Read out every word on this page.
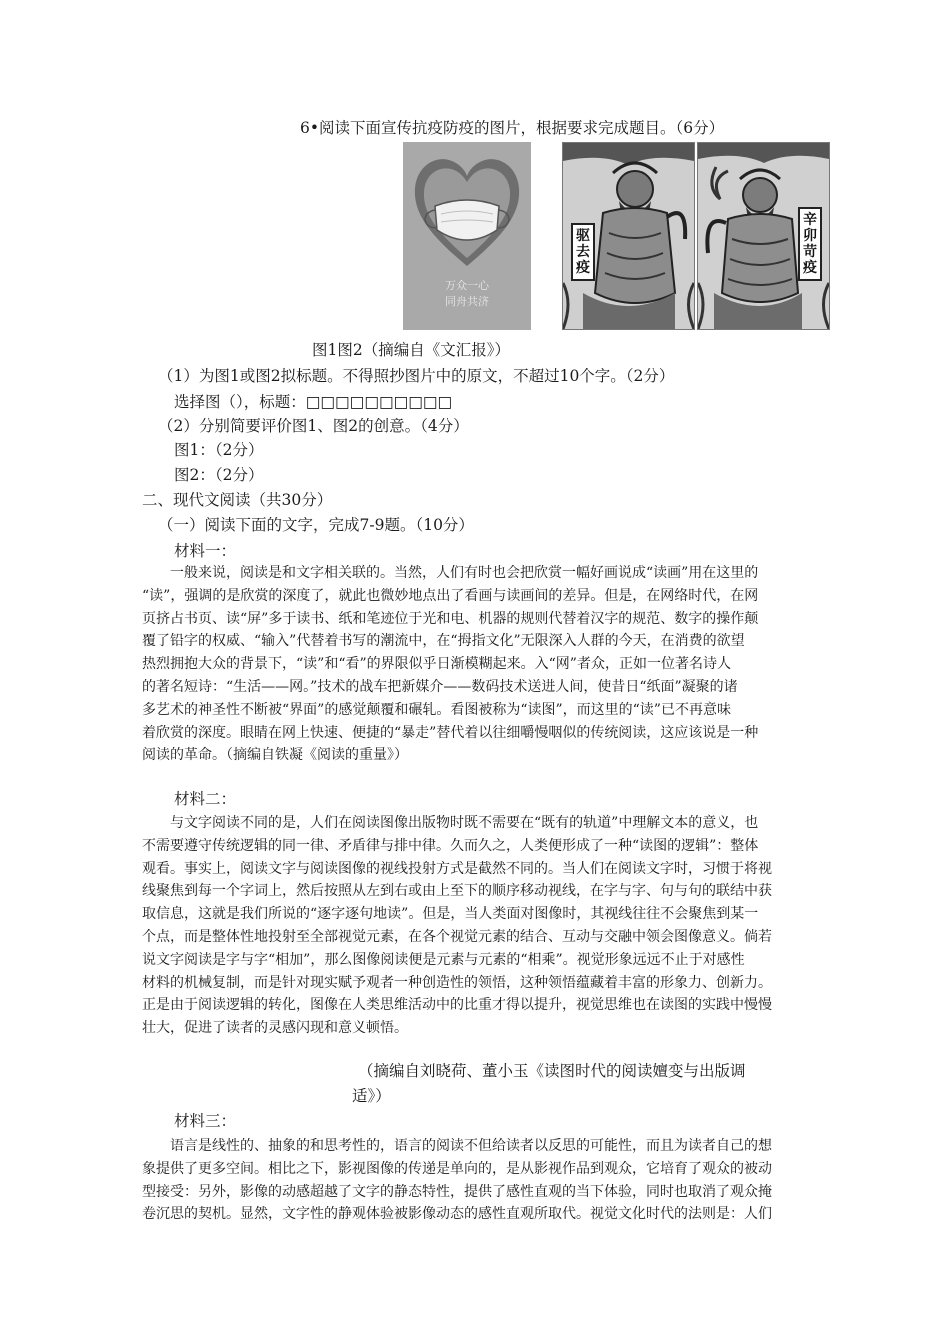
6•阅读下面宣传抗疫防疫的图片，根据要求完成题目。（6分）
万众一心
同舟共济
驱去疫
辛卯苛疫
图1图2（摘编自《文汇报》）
（1）为图1或图2拟标题。不得照抄图片中的原文，不超过10个字。（2分）
选择图（），标题：□□□□□□□□□□
（2）分别简要评价图1、图2的创意。（4分）
图1：（2分）
图2：（2分）
二、现代文阅读（共30分）
（一）阅读下面的文字，完成7-9题。（10分）
材料一：
一般来说，阅读是和文字相关联的。当然，人们有时也会把欣赏一幅好画说成“读画”用在这里的
“读”，强调的是欣赏的深度了，就此也微妙地点出了看画与读画间的差异。但是，在网络时代，在网
页挤占书页、读“屏”多于读书、纸和笔迹位于光和电、机器的规则代替着汉字的规范、数字的操作颠
覆了铅字的权威、“输入”代替着书写的潮流中，在“拇指文化”无限深入人群的今天，在消费的欲望
热烈拥抱大众的背景下，“读”和“看”的界限似乎日渐模糊起来。入“网”者众，正如一位著名诗人
的著名短诗：“生活——网。”技术的战车把新媒介——数码技术送进人间，使昔日“纸面”凝聚的诸
多艺术的神圣性不断被“界面”的感觉颠覆和碾轧。看图被称为“读图”，而这里的“读”已不再意味
着欣赏的深度。眼睛在网上快速、便捷的“暴走”替代着以往细嚼慢咽似的传统阅读，这应该说是一种
阅读的革命。（摘编自铁凝《阅读的重量》）
材料二：
与文字阅读不同的是，人们在阅读图像出版物时既不需要在“既有的轨道”中理解文本的意义，也
不需要遵守传统逻辑的同一律、矛盾律与排中律。久而久之，人类便形成了一种“读图的逻辑”：整体
观看。事实上，阅读文字与阅读图像的视线投射方式是截然不同的。当人们在阅读文字时，习惯于将视
线聚焦到每一个字词上，然后按照从左到右或由上至下的顺序移动视线，在字与字、句与句的联结中获
取信息，这就是我们所说的“逐字逐句地读”。但是，当人类面对图像时，其视线往往不会聚焦到某一
个点，而是整体性地投射至全部视觉元素，在各个视觉元素的结合、互动与交融中领会图像意义。倘若
说文字阅读是字与字“相加”，那么图像阅读便是元素与元素的“相乘”。视觉形象远远不止于对感性
材料的机械复制，而是针对现实赋予观者一种创造性的领悟，这种领悟蕴藏着丰富的形象力、创新力。
正是由于阅读逻辑的转化，图像在人类思维活动中的比重才得以提升，视觉思维也在读图的实践中慢慢
壮大，促进了读者的灵感闪现和意义顿悟。
（摘编自刘晓荷、董小玉《读图时代的阅读嬗变与出版调
适》）
材料三：
语言是线性的、抽象的和思考性的，语言的阅读不但给读者以反思的可能性，而且为读者自己的想
象提供了更多空间。相比之下，影视图像的传递是单向的，是从影视作品到观众，它培育了观众的被动
型接受：另外，影像的动感超越了文字的静态特性，提供了感性直观的当下体验，同时也取消了观众掩
卷沉思的契机。显然，文字性的静观体验被影像动态的感性直观所取代。视觉文化时代的法则是：人们
